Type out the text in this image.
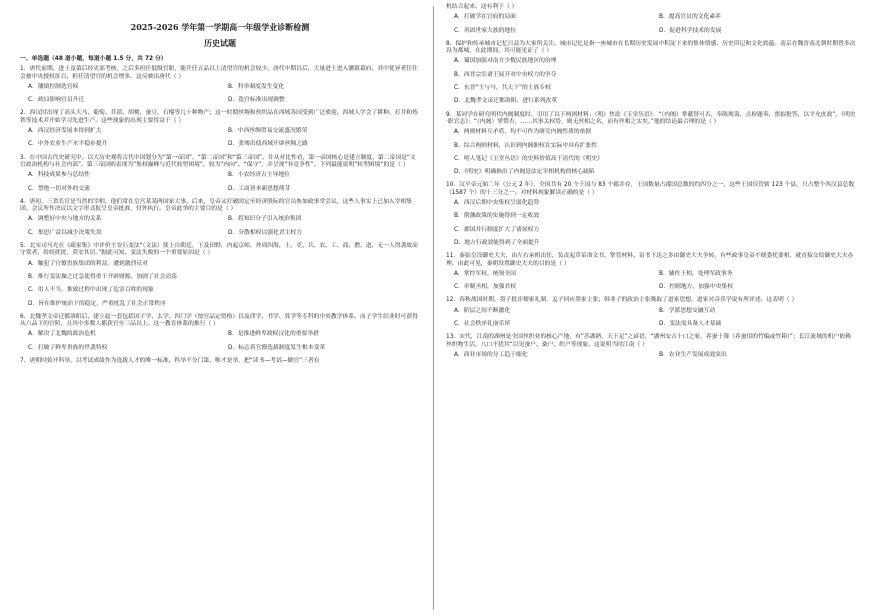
2025-2026 学年第一学期高一年级学业诊断检测
历史试题
一、单选题（48 道小题，每道小题 1.5 分，共 72 分）
1．唐代前期，进士及第后经吏部考核，之后多担任低级官职，能升任五品以上清望官的机会较少。唐代中期以后，大量进士进入藩镇幕府，其中优异者往往会被中央授权征召，担任清望官的机会增多。这反映出唐代（ ）
A．藩镇控制选官权	B．科举制度发生变化
C．政局影响官员升迁	D．选官标准出现调整
2．西汉时出现了高头大马、葡萄、苜蓿、胡桃、蚕豆、石榴等几十种物产；这一时期丝绸和丝织品在西域各国受到广泛欢迎，西域人学会了耕种、打井和炼铁等技术并开始学习先进生产。这些现象的出现主要得益于（ ）
A．西汉经济发展本得到扩大	B．中西丝绸贸易交流盛况繁荣
C．中外农业生产水平稳步提升	D．张骞出使西域开辟丝绸之路
3．在中国古代史研究中，以大历史观将古代中国划分为“第一帝国”，“第二帝国”和“第三帝国”。并从对比性看，第一帝国核心是建立制度，第二帝国是“文官政治机构与社会内部”，第三帝国则表现为“集权巅峰与近代转型困境”，较为“内向”、“保守”，并呈现“非竞争性”。下列最能说明“转型困境”的是（ ）
A．科技成果参与总结性	B．小农经济占主导地位
C．禁绝一切对外的交流	D．工商皆本新思想萌芽
4．唐初，三省长官是当然的宰相，他们常在皇宫某某两国家大事。后来，皇帝又打破固定至经济股际的官员参加政事堂会议，这些人事实上已加入宰相集团。会议所作决议以文字形式报呈皇帝批准，付外执行。皇帝此举的主要目的是（ ）
A．调整好中央与地方的关系	B．将知识分子引入统治集团
C．集思广益以减少决策失误	D．分散相权以强化君主权力
5．北宋司马光在《疏家集》中评价王安石变法“（文法）使上自朝廷，下及田野，内起京师，外周四海，士、吏、兵、农、工、商、僧、道，无一人得袭故而守常者，纷纷扰扰，莫安其居。”据此可知，变法失败的一个重要原因是（ ）
A．触犯了官僚贵族集团的利益，遭到激烈反对
B．推行变法操之过急使得重于开辟财源，加剧了社会动荡
C．用人不当，推致过程中出现了危害百姓的现象
D．旨在维护统治下的稳定，严重扰乱了社会正常秩序
6．北魏孝文帝迁都洛阳后，建立起一套包括国子学、太学、四门学（按官品定资格）以及律学、书学、算学等专科的中央教学体系。而子学生结业时可获得从六品下的官阶，且其中多数人都获官至三品以上。这一教育体系的推行（ ）
A．解决了北魏的政治危机	B．是推进鲜卑政权汉化的重要举措
C．打破了鲜卑贵族的世袭特权	D．标志着官僚选拔制度发生根本变革
7．唐朝时始开科举，以考试成绩作为选拔人才的唯一标准，科举不分门第，唯才是举，把“读书—考试—做官”三者有
机结合起来。这有利于（ ）
A．打破学在官府的局面	B．提高官员的文化素养
C．巩固世家大族的地位	D．促进科学技术的发展
8．保护和传承城市记忆日益为大家所关注。城市记忆是指一座城市在长期历史发展中积淀下来的集体情感、历史印记和文化底蕴。南京在魏晋南北朝时期曾多次设为都城，在此期间，其可能见证了（ ）
A．蜀国加强对南方少数民族地区的治理
B．西晋宗室诸王展开对中央权力的争夺
C．东晋“王与马，共天下”的士族专权
D．北魏孝文帝迁都洛阳，进行系列改革
9．某同学在研究明代内阁制度时，引用了以下两则材料：（明）焦竑《玉堂丛语》：“（内阁）掌献替可否，奉陈规诲，点检题奏，票拟批答，以平允庶政”。《明史·职官志》：“（内阁）掌赞否，……其事关权势，则无丝相之名，而有丝相之实矣。”他的结论最合理的是（ ）
A．两则材料互矛盾，均不可作为研究内阁性质的依据
B．综合两则材料，认识到内阁职权在实际中具有扩张性
C．明人笔记《玉堂丛语》的史料价值高于清代的《明史》
D．《明史》明确指出了内阁是法定宰相机构的核心缺陷
10．汉平帝元始二年（公元 2 年），全国共有 20 个王国与 83 个郡并存，王国数量占郡国总数的约四分之一，这些王国仅管辖 123 个县，只占整个西汉县总数（1587 个）的十三分之一。对材料现象解读正确的是（ ）
A．西汉后期中央集权呈弱化趋势
B．削藩政策的实施得到一定收效
C．郡国并行制度扩大了诸侯权力
D．地方行政效能得到了全面提升
11．秦始皇设御史大夫，由左右承相出任，负责起草诏命文书，掌管材料、诏书下达之多由御史大夫争转。有些政事皇帝不便委托要相，就直接交给御史大夫办理。由此可见，秦朝设置御史大夫的目的是（ ）
A．掌控军权，统领全国	B．辅佐王相，处理军政事务
C．牵制丞相，加强君权	D．控制地方，加强中央集权
12．春秋战国时期，墨子批评儒家礼制，孟子回应墨家主张；韩非子的政治主张吸取了道家思想，道家对音乐学说有所评述。这表明（ ）
A．阶层之间不断激化	B．学派思想交融互动
C．社会秩序礼崩乐坏	D．变法需具备人才基础
13．宋代，江南的湖州是全国丝织业的核心产地，有“苏湖熟，天下足”之谚语，“湖州安吉十口之家，养蚕十簿（养蚕用的竹编或竹箱）”；长江流域的机户依赖丝织物生活，八口不犹其“以见蚕户、桑户、织户等现象。这说明当时江南（ ）
A．商业市场的分工趋于细化	B．农业生产发展成效突出
